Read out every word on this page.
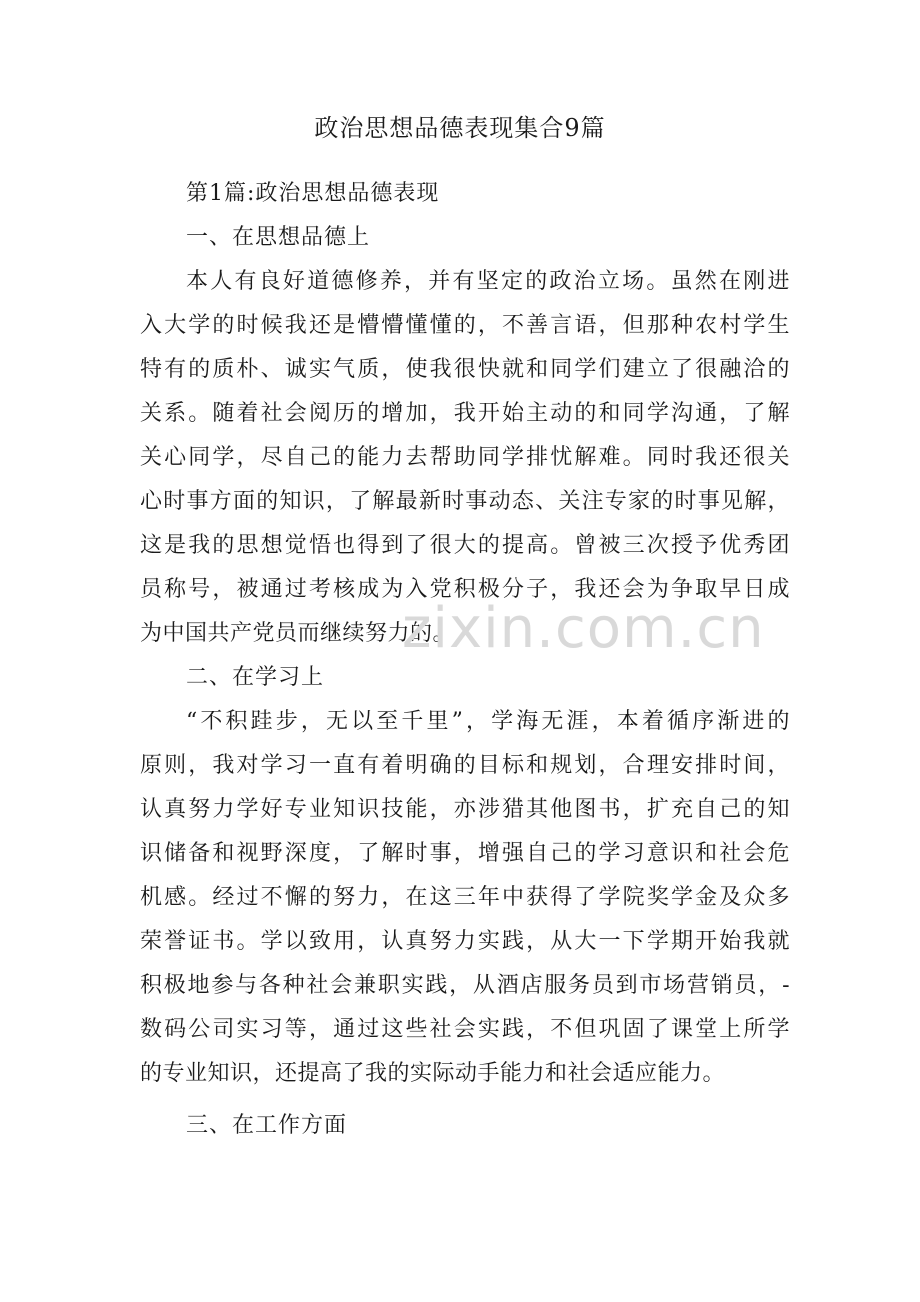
政治思想品德表现集合9篇
第1篇:政治思想品德表现
一、在思想品德上
本人有良好道德修养，并有坚定的政治立场。虽然在刚进
入大学的时候我还是懵懵懂懂的，不善言语，但那种农村学生
特有的质朴、诚实气质，使我很快就和同学们建立了很融洽的
关系。随着社会阅历的增加，我开始主动的和同学沟通，了解
关心同学，尽自己的能力去帮助同学排忧解难。同时我还很关
心时事方面的知识，了解最新时事动态、关注专家的时事见解，
这是我的思想觉悟也得到了很大的提高。曾被三次授予优秀团
员称号，被通过考核成为入党积极分子，我还会为争取早日成
为中国共产党员而继续努力的。
二、在学习上
“不积跬步，无以至千里”，学海无涯，本着循序渐进的
原则，我对学习一直有着明确的目标和规划，合理安排时间，
认真努力学好专业知识技能，亦涉猎其他图书，扩充自己的知
识储备和视野深度，了解时事，增强自己的学习意识和社会危
机感。经过不懈的努力，在这三年中获得了学院奖学金及众多
荣誉证书。学以致用，认真努力实践，从大一下学期开始我就
积极地参与各种社会兼职实践，从酒店服务员到市场营销员，-
数码公司实习等，通过这些社会实践，不但巩固了课堂上所学
的专业知识，还提高了我的实际动手能力和社会适应能力。
三、在工作方面
zixin.com.cn
